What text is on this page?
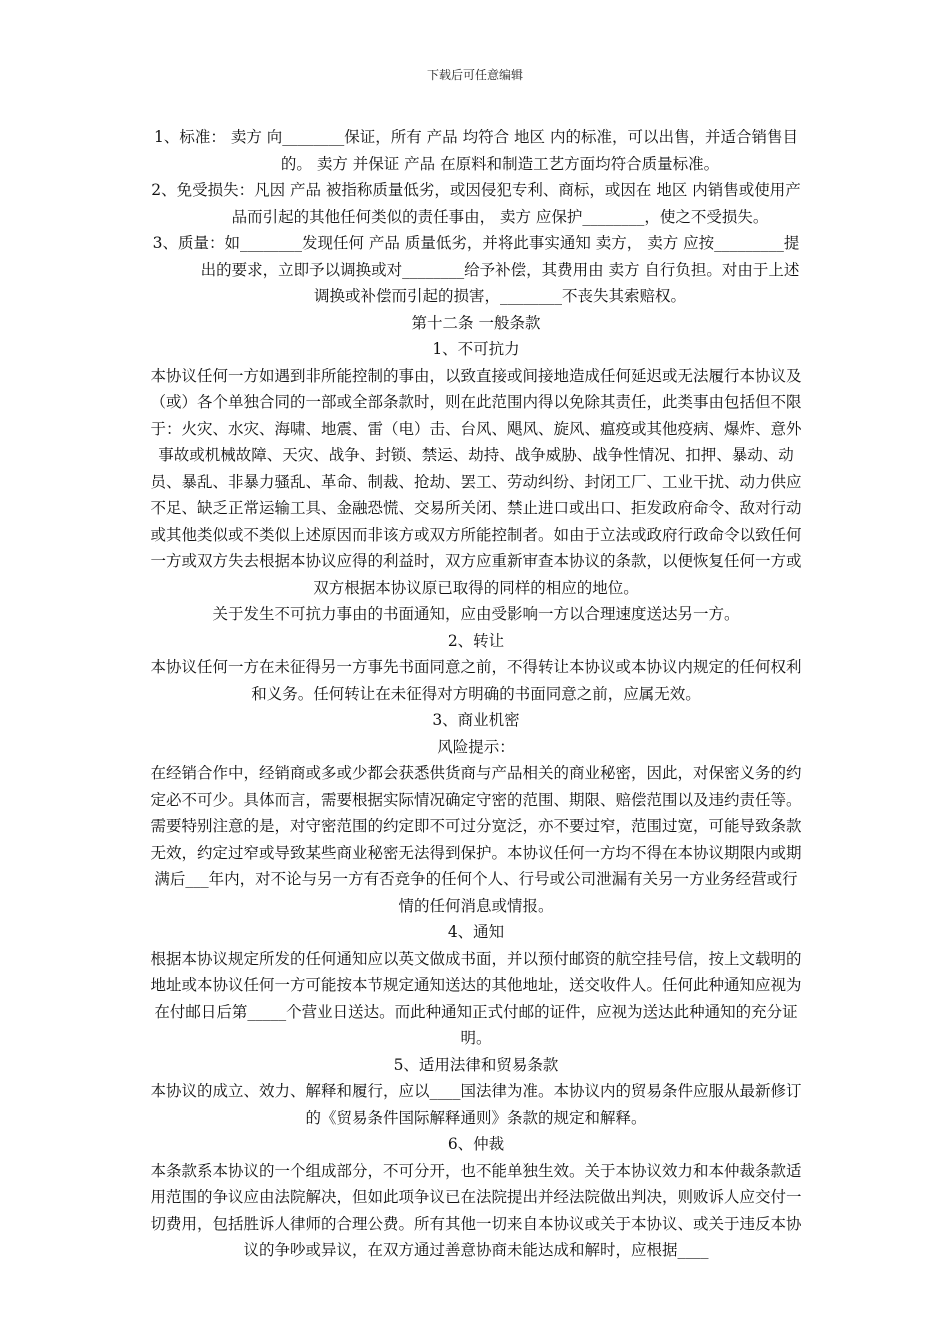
下载后可任意编辑

1、标准： 卖方 向________保证，所有 产品 均符合 地区 内的标准，可以出售，并适合销售目的。 卖方 并保证 产品 在原料和制造工艺方面均符合质量标准。

2、免受损失：凡因 产品 被指称质量低劣，或因侵犯专利、商标，或因在 地区 内销售或使用产品而引起的其他任何类似的责任事由， 卖方 应保护________，使之不受损失。

3、质量：如________发现任何 产品 质量低劣，并将此事实通知 卖方， 卖方 应按_________提出的要求，立即予以调换或对________给予补偿，其费用由 卖方 自行负担。对由于上述调换或补偿而引起的损害，________不丧失其索赔权。

第十二条 一般条款

1、不可抗力

本协议任何一方如遇到非所能控制的事由，以致直接或间接地造成任何延迟或无法履行本协议及（或）各个单独合同的一部或全部条款时，则在此范围内得以免除其责任，此类事由包括但不限于：火灾、水灾、海啸、地震、雷（电）击、台风、飓风、旋风、瘟疫或其他疫病、爆炸、意外事故或机械故障、天灾、战争、封锁、禁运、劫持、战争威胁、战争性情况、扣押、暴动、动员、暴乱、非暴力骚乱、革命、制裁、抢劫、罢工、劳动纠纷、封闭工厂、工业干扰、动力供应不足、缺乏正常运输工具、金融恐慌、交易所关闭、禁止进口或出口、拒发政府命令、敌对行动或其他类似或不类似上述原因而非该方或双方所能控制者。如由于立法或政府行政命令以致任何一方或双方失去根据本协议应得的利益时，双方应重新审查本协议的条款，以便恢复任何一方或双方根据本协议原已取得的同样的相应的地位。

关于发生不可抗力事由的书面通知，应由受影响一方以合理速度送达另一方。

2、转让

本协议任何一方在未征得另一方事先书面同意之前，不得转让本协议或本协议内规定的任何权利和义务。任何转让在未征得对方明确的书面同意之前，应属无效。

3、商业机密

风险提示：

在经销合作中，经销商或多或少都会获悉供货商与产品相关的商业秘密，因此，对保密义务的约定必不可少。具体而言，需要根据实际情况确定守密的范围、期限、赔偿范围以及违约责任等。需要特别注意的是，对守密范围的约定即不可过分宽泛，亦不要过窄，范围过宽，可能导致条款无效，约定过窄或导致某些商业秘密无法得到保护。本协议任何一方均不得在本协议期限内或期满后___年内，对不论与另一方有否竞争的任何个人、行号或公司泄漏有关另一方业务经营或行情的任何消息或情报。

4、通知

根据本协议规定所发的任何通知应以英文做成书面，并以预付邮资的航空挂号信，按上文载明的地址或本协议任何一方可能按本节规定通知送达的其他地址，送交收件人。任何此种通知应视为在付邮日后第_____个营业日送达。而此种通知正式付邮的证件，应视为送达此种通知的充分证明。

5、适用法律和贸易条款

本协议的成立、效力、解释和履行，应以____国法律为准。本协议内的贸易条件应服从最新修订的《贸易条件国际解释通则》条款的规定和解释。

6、仲裁

本条款系本协议的一个组成部分，不可分开，也不能单独生效。关于本协议效力和本仲裁条款适用范围的争议应由法院解决，但如此项争议已在法院提出并经法院做出判决，则败诉人应交付一切费用，包括胜诉人律师的合理公费。所有其他一切来自本协议或关于本协议、或关于违反本协议的争吵或异议，在双方通过善意协商未能达成和解时，应根据____
